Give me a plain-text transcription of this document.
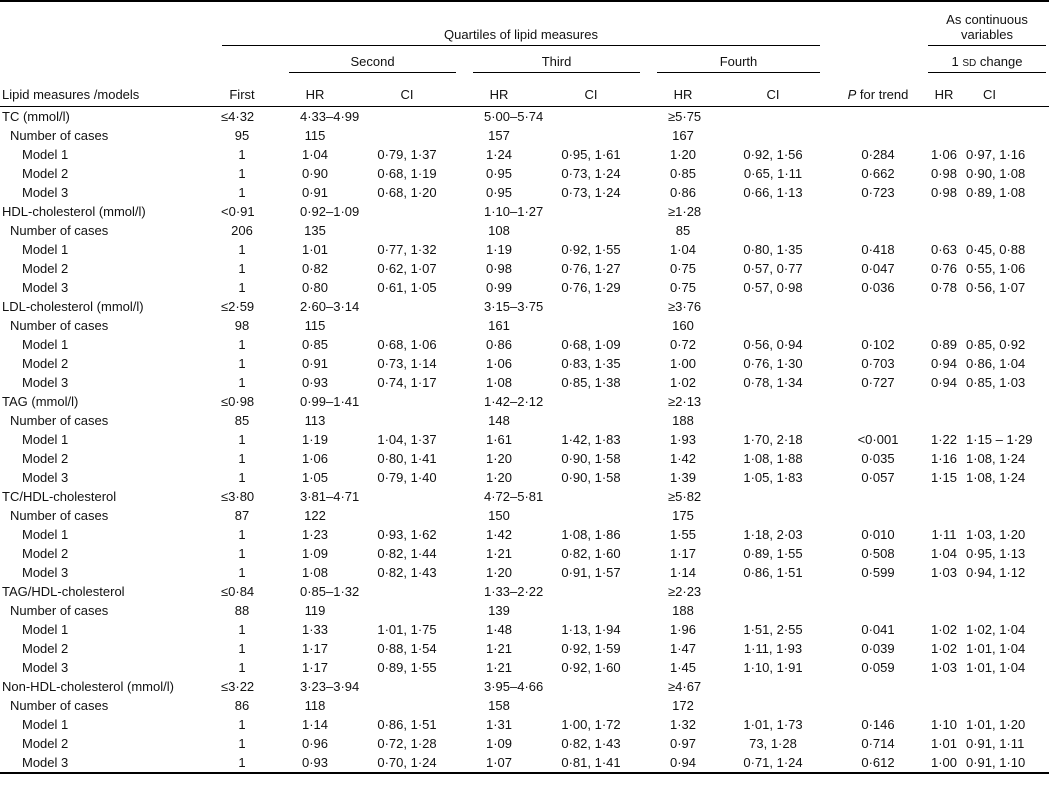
	Quartiles of lipid measures								As continuous variables	

		Second		Third		Fourth			1 SD change	

Lipid measures /models	First	HR	CI	HR	CI	HR	CI	P for trend	HR	CI
TC (mmol/l)	≤4·32	4·33–4·99		5·00–5·74		≥5·75				
Number of cases	95	115		157		167				
Model 1	1	1·04	0·79, 1·37	1·24	0·95, 1·61	1·20	0·92, 1·56	0·284	1·06	0·97, 1·16
Model 2	1	0·90	0·68, 1·19	0·95	0·73, 1·24	0·85	0·65, 1·11	0·662	0·98	0·90, 1·08
Model 3	1	0·91	0·68, 1·20	0·95	0·73, 1·24	0·86	0·66, 1·13	0·723	0·98	0·89, 1·08
HDL-cholesterol (mmol/l)	<0·91	0·92–1·09		1·10–1·27		≥1·28				
Number of cases	206	135		108		85				
Model 1	1	1·01	0·77, 1·32	1·19	0·92, 1·55	1·04	0·80, 1·35	0·418	0·63	0·45, 0·88
Model 2	1	0·82	0·62, 1·07	0·98	0·76, 1·27	0·75	0·57, 0·77	0·047	0·76	0·55, 1·06
Model 3	1	0·80	0·61, 1·05	0·99	0·76, 1·29	0·75	0·57, 0·98	0·036	0·78	0·56, 1·07
LDL-cholesterol (mmol/l)	≤2·59	2·60–3·14		3·15–3·75		≥3·76				
Number of cases	98	115		161		160				
Model 1	1	0·85	0·68, 1·06	0·86	0·68, 1·09	0·72	0·56, 0·94	0·102	0·89	0·85, 0·92
Model 2	1	0·91	0·73, 1·14	1·06	0·83, 1·35	1·00	0·76, 1·30	0·703	0·94	0·86, 1·04
Model 3	1	0·93	0·74, 1·17	1·08	0·85, 1·38	1·02	0·78, 1·34	0·727	0·94	0·85, 1·03
TAG (mmol/l)	≤0·98	0·99–1·41		1·42–2·12		≥2·13				
Number of cases	85	113		148		188				
Model 1	1	1·19	1·04, 1·37	1·61	1·42, 1·83	1·93	1·70, 2·18	<0·001	1·22	1·15 – 1·29
Model 2	1	1·06	0·80, 1·41	1·20	0·90, 1·58	1·42	1·08, 1·88	0·035	1·16	1·08, 1·24
Model 3	1	1·05	0·79, 1·40	1·20	0·90, 1·58	1·39	1·05, 1·83	0·057	1·15	1·08, 1·24
TC/HDL-cholesterol	≤3·80	3·81–4·71		4·72–5·81		≥5·82				
Number of cases	87	122		150		175				
Model 1	1	1·23	0·93, 1·62	1·42	1·08, 1·86	1·55	1·18, 2·03	0·010	1·11	1·03, 1·20
Model 2	1	1·09	0·82, 1·44	1·21	0·82, 1·60	1·17	0·89, 1·55	0·508	1·04	0·95, 1·13
Model 3	1	1·08	0·82, 1·43	1·20	0·91, 1·57	1·14	0·86, 1·51	0·599	1·03	0·94, 1·12
TAG/HDL-cholesterol	≤0·84	0·85–1·32		1·33–2·22		≥2·23				
Number of cases	88	119		139		188				
Model 1	1	1·33	1·01, 1·75	1·48	1·13, 1·94	1·96	1·51, 2·55	0·041	1·02	1·02, 1·04
Model 2	1	1·17	0·88, 1·54	1·21	0·92, 1·59	1·47	1·11, 1·93	0·039	1·02	1·01, 1·04
Model 3	1	1·17	0·89, 1·55	1·21	0·92, 1·60	1·45	1·10, 1·91	0·059	1·03	1·01, 1·04
Non-HDL-cholesterol (mmol/l)	≤3·22	3·23–3·94		3·95–4·66		≥4·67				
Number of cases	86	118		158		172				
Model 1	1	1·14	0·86, 1·51	1·31	1·00, 1·72	1·32	1·01, 1·73	0·146	1·10	1·01, 1·20
Model 2	1	0·96	0·72, 1·28	1·09	0·82, 1·43	0·97	73, 1·28	0·714	1·01	0·91, 1·11
Model 3	1	0·93	0·70, 1·24	1·07	0·81, 1·41	0·94	0·71, 1·24	0·612	1·00	0·91, 1·10
